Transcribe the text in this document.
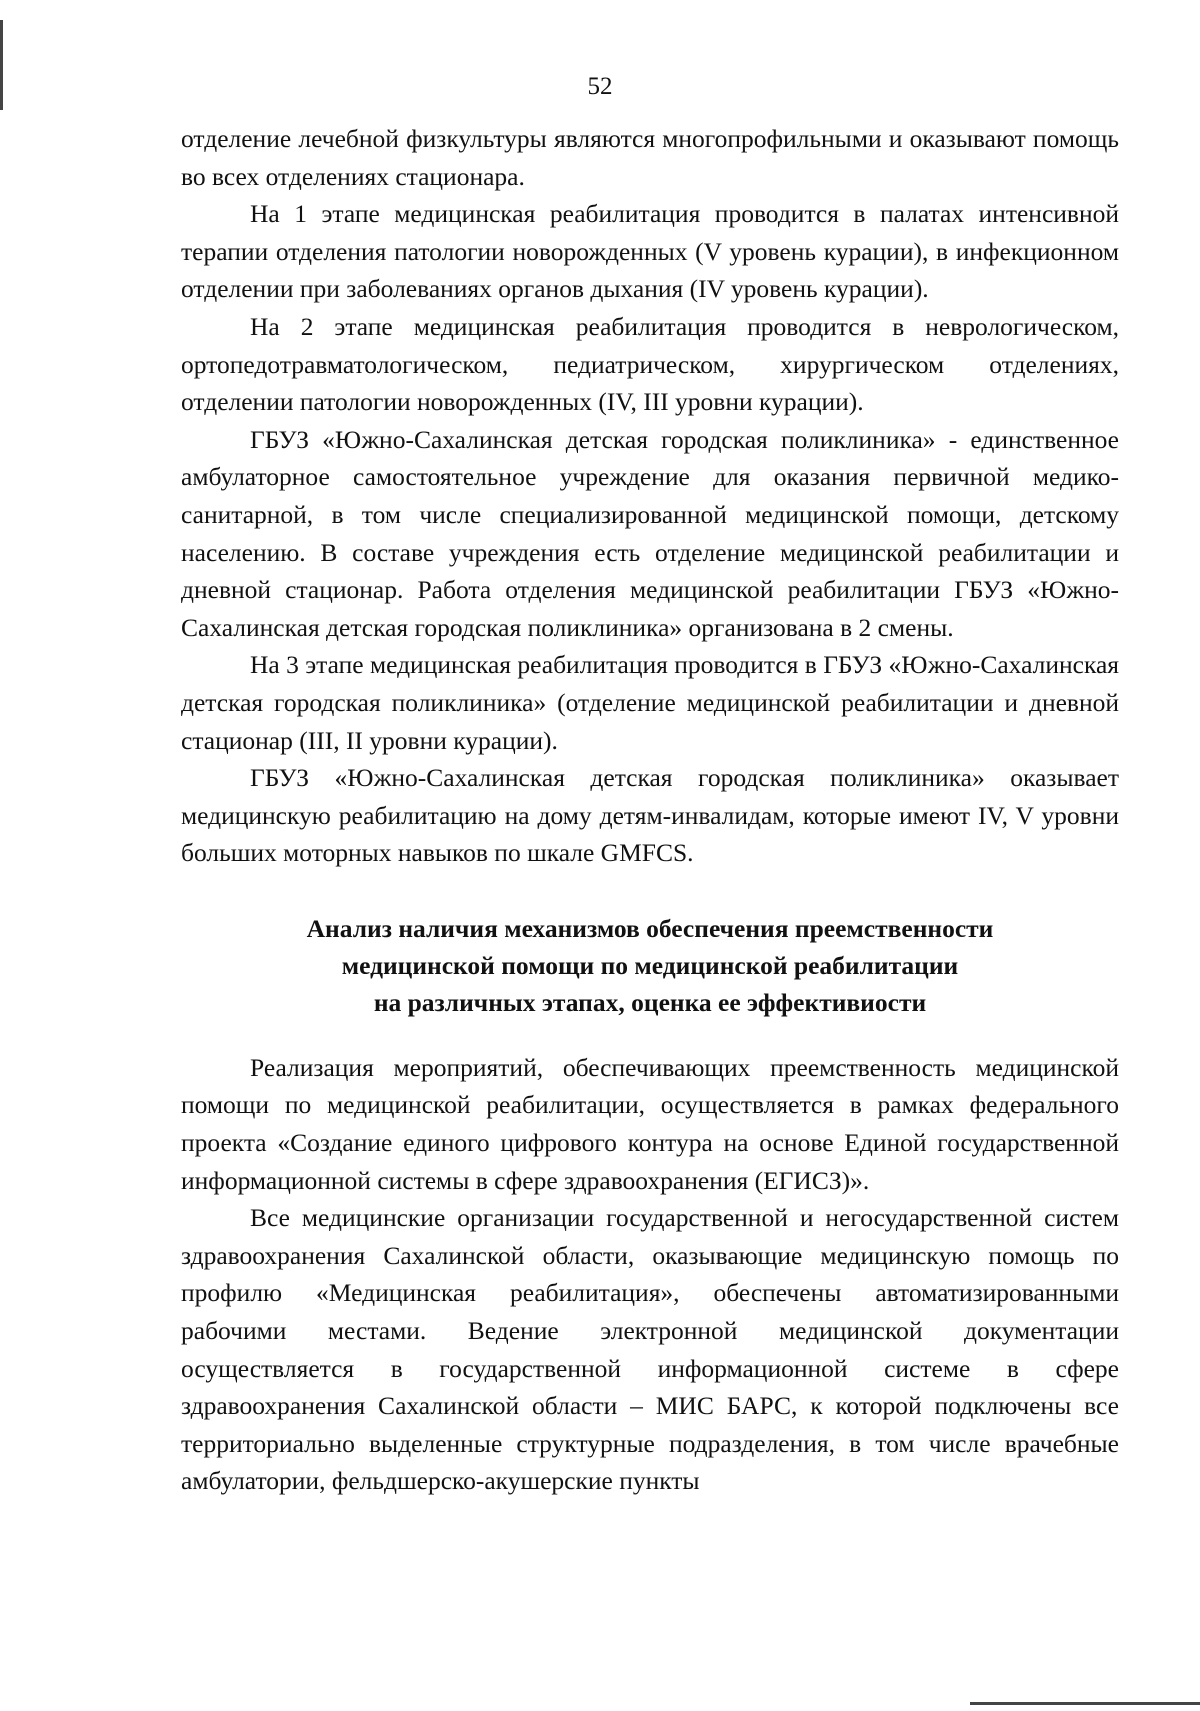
52

отделение лечебной физкультуры являются многопрофильными и оказывают помощь во всех отделениях стационара.

На 1 этапе медицинская реабилитация проводится в палатах интенсивной терапии отделения патологии новорожденных (V уровень курации), в инфекционном отделении при заболеваниях органов дыхания (IV уровень курации).

На 2 этапе медицинская реабилитация проводится в неврологическом, ортопедотравматологическом, педиатрическом, хирургическом отделениях, отделении патологии новорожденных (IV, III уровни курации).

ГБУЗ «Южно-Сахалинская детская городская поликлиника» - единственное амбулаторное самостоятельное учреждение для оказания первичной медико-санитарной, в том числе специализированной медицинской помощи, детскому населению. В составе учреждения есть отделение медицинской реабилитации и дневной стационар. Работа отделения медицинской реабилитации ГБУЗ «Южно-Сахалинская детская городская поликлиника» организована в 2 смены.

На 3 этапе медицинская реабилитация проводится в ГБУЗ «Южно-Сахалинская детская городская поликлиника» (отделение медицинской реабилитации и дневной стационар (III, II уровни курации).

ГБУЗ «Южно-Сахалинская детская городская поликлиника» оказывает медицинскую реабилитацию на дому детям-инвалидам, которые имеют IV, V уровни больших моторных навыков по шкале GMFCS.

Анализ наличия механизмов обеспечения преемственности
медицинской помощи по медицинской реабилитации
на различных этапах, оценка ее эффективиости

Реализация мероприятий, обеспечивающих преемственность медицинской помощи по медицинской реабилитации, осуществляется в рамках федерального проекта «Создание единого цифрового контура на основе Единой государственной информационной системы в сфере здравоохранения (ЕГИСЗ)».

Все медицинские организации государственной и негосударственной систем здравоохранения Сахалинской области, оказывающие медицинскую помощь по профилю «Медицинская реабилитация», обеспечены автоматизированными рабочими местами. Ведение электронной медицинской документации осуществляется в государственной информационной системе в сфере здравоохранения Сахалинской области – МИС БАРС, к которой подключены все территориально выделенные структурные подразделения, в том числе врачебные амбулатории, фельдшерско-акушерские пункты
